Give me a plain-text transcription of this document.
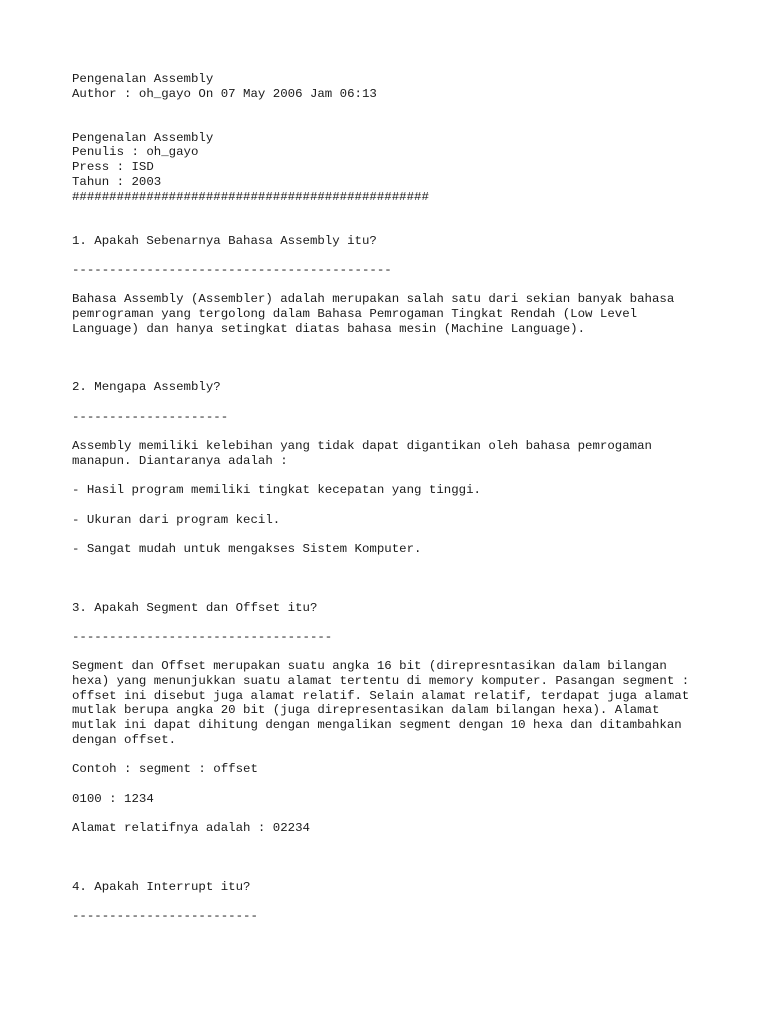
Pengenalan Assembly
Author : oh_gayo On 07 May 2006 Jam 06:13
Pengenalan Assembly
Penulis : oh_gayo
Press : ISD
Tahun : 2003
################################################
1. Apakah Sebenarnya Bahasa Assembly itu?
-------------------------------------------
Bahasa Assembly (Assembler) adalah merupakan salah satu dari sekian banyak bahasa
pemrograman yang tergolong dalam Bahasa Pemrogaman Tingkat Rendah (Low Level
Language) dan hanya setingkat diatas bahasa mesin (Machine Language).
2. Mengapa Assembly?
---------------------
Assembly memiliki kelebihan yang tidak dapat digantikan oleh bahasa pemrogaman
manapun. Diantaranya adalah :
- Hasil program memiliki tingkat kecepatan yang tinggi.
- Ukuran dari program kecil.
- Sangat mudah untuk mengakses Sistem Komputer.
3. Apakah Segment dan Offset itu?
-----------------------------------
Segment dan Offset merupakan suatu angka 16 bit (direpresntasikan dalam bilangan
hexa) yang menunjukkan suatu alamat tertentu di memory komputer. Pasangan segment :
offset ini disebut juga alamat relatif. Selain alamat relatif, terdapat juga alamat
mutlak berupa angka 20 bit (juga direpresentasikan dalam bilangan hexa). Alamat
mutlak ini dapat dihitung dengan mengalikan segment dengan 10 hexa dan ditambahkan
dengan offset.
Contoh : segment : offset
0100 : 1234
Alamat relatifnya adalah : 02234
4. Apakah Interrupt itu?
-------------------------
